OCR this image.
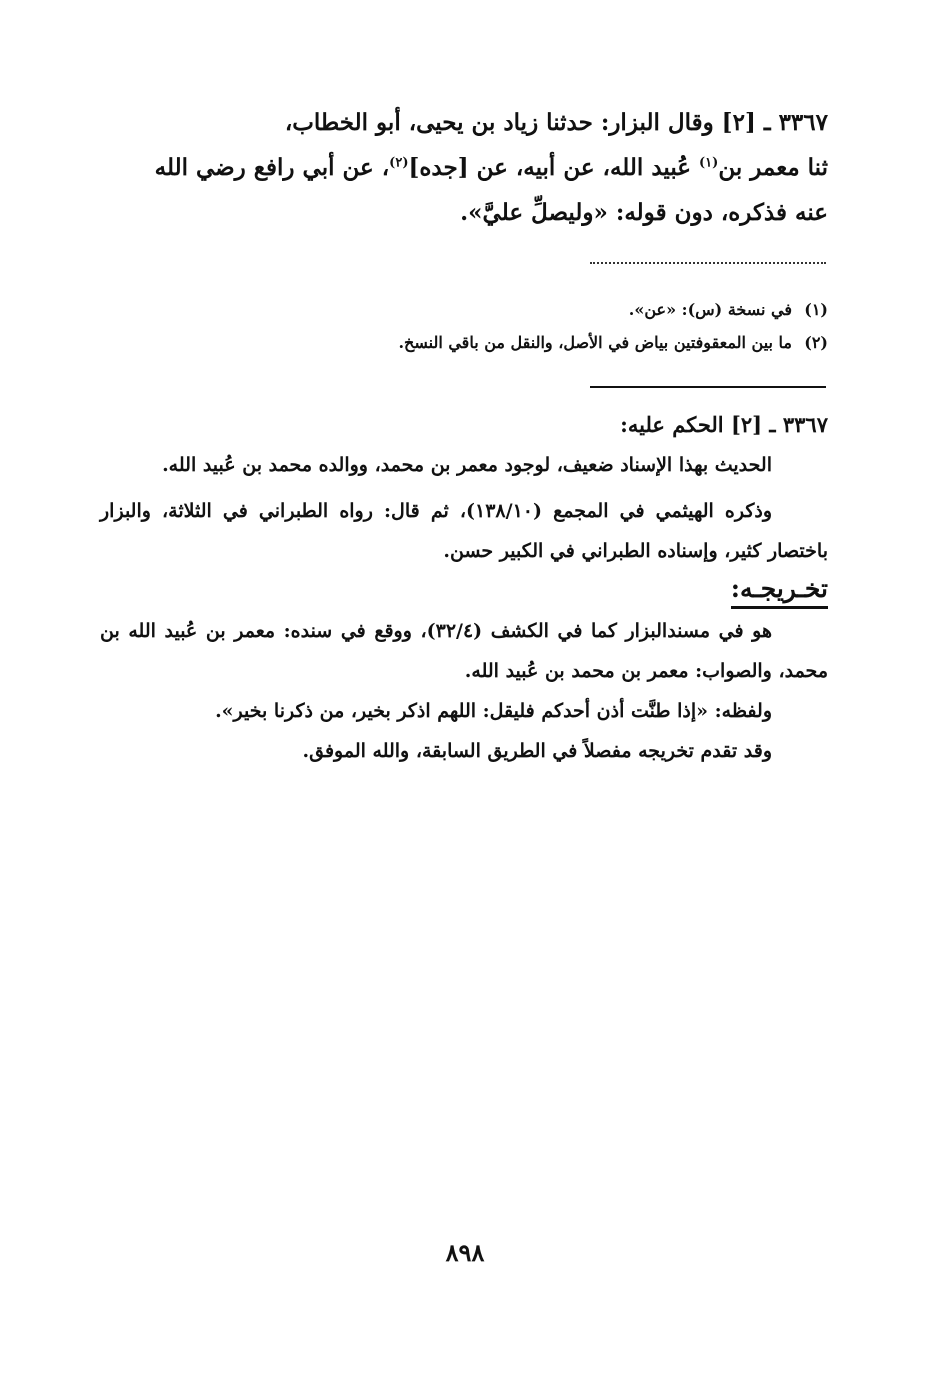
٣٣٦٧ ـ [٢] وقال البزار: حدثنا زياد بن يحيى، أبو الخطاب،

ثنا معمر بن$^{(١)}$ عُبيد الله، عن أبيه، عن [جده]$^{(٢)}$، عن أبي رافع رضي الله

عنه فذكره، دون قوله: «وليصلِّ عليَّ».

(١)في نسخة (س): «عن».
(٢)ما بين المعقوفتين بياض في الأصل، والنقل من باقي النسخ.

٣٣٦٧ ـ [٢] الحكم عليه:

الحديث بهذا الإسناد ضعيف، لوجود معمر بن محمد، ووالده محمد بن عُبيد الله.

وذكره الهيثمي في المجمع (١٣٨/١٠)، ثم قال: رواه الطبراني في الثلاثة، والبزار باختصار كثير، وإسناده الطبراني في الكبير حسن.

تخـريجـه:

هو في مسندالبزار كما في الكشف (٣٢/٤)، ووقع في سنده: معمر بن عُبيد الله بن محمد، والصواب: معمر بن محمد بن عُبيد الله.

ولفظه: «إذا طنَّت أذن أحدكم فليقل: اللهم اذكر بخير، من ذكرنا بخير».

وقد تقدم تخريجه مفصلاً في الطريق السابقة، والله الموفق.

٨٩٨
